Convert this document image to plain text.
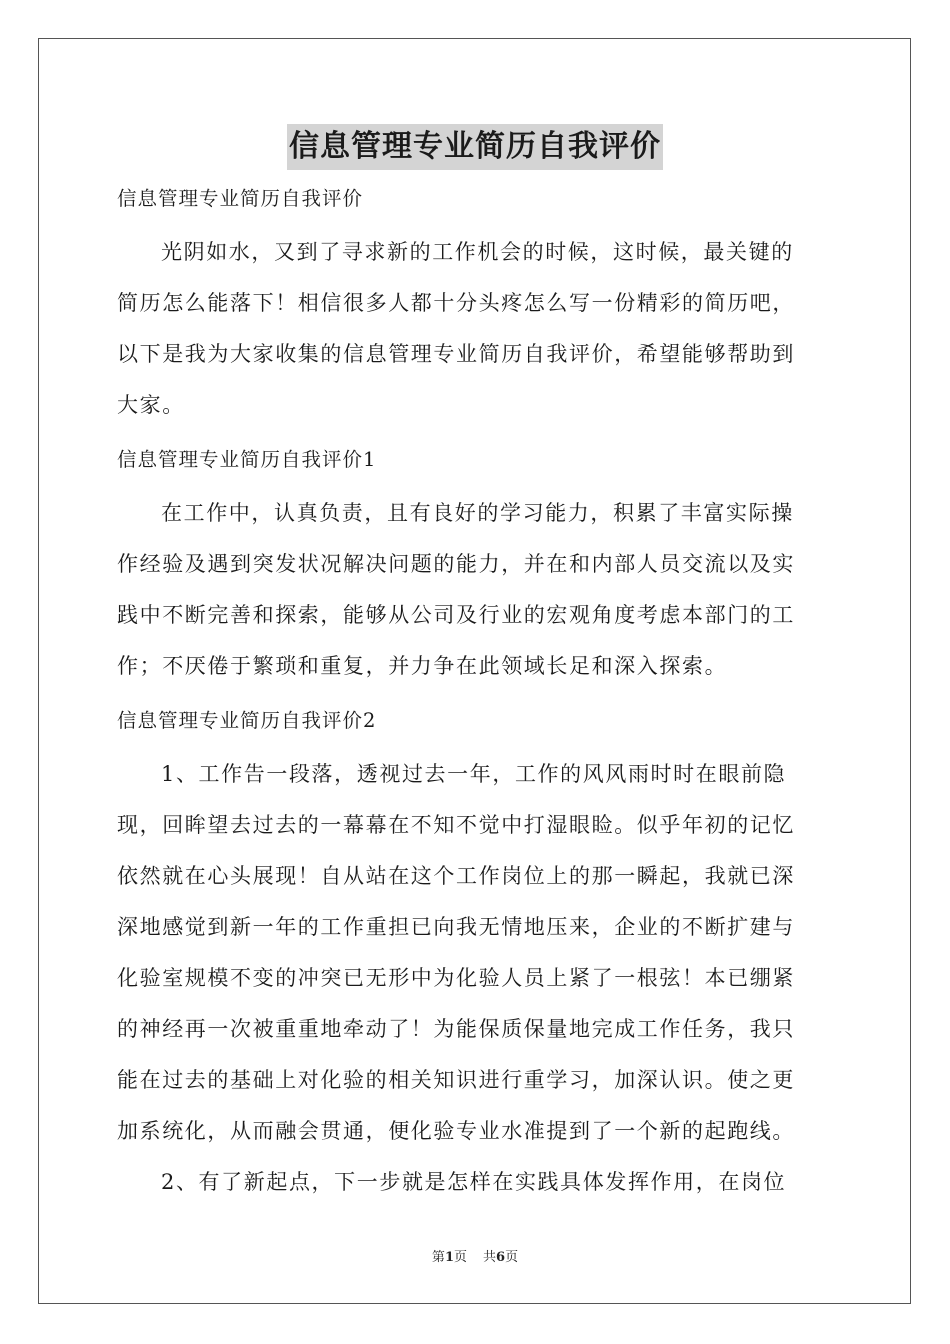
信息管理专业简历自我评价
信息管理专业简历自我评价
光阴如水，又到了寻求新的工作机会的时候，这时候，最关键的
简历怎么能落下！相信很多人都十分头疼怎么写一份精彩的简历吧，
以下是我为大家收集的信息管理专业简历自我评价，希望能够帮助到
大家。
信息管理专业简历自我评价1
在工作中，认真负责，且有良好的学习能力，积累了丰富实际操
作经验及遇到突发状况解决问题的能力，并在和内部人员交流以及实
践中不断完善和探索，能够从公司及行业的宏观角度考虑本部门的工
作；不厌倦于繁琐和重复，并力争在此领域长足和深入探索。
信息管理专业简历自我评价2
1、工作告一段落，透视过去一年，工作的风风雨时时在眼前隐
现，回眸望去过去的一幕幕在不知不觉中打湿眼睑。似乎年初的记忆
依然就在心头展现！自从站在这个工作岗位上的那一瞬起，我就已深
深地感觉到新一年的工作重担已向我无情地压来，企业的不断扩建与
化验室规模不变的冲突已无形中为化验人员上紧了一根弦！本已绷紧
的神经再一次被重重地牵动了！为能保质保量地完成工作任务，我只
能在过去的基础上对化验的相关知识进行重学习，加深认识。使之更
加系统化，从而融会贯通，便化验专业水准提到了一个新的起跑线。
2、有了新起点，下一步就是怎样在实践具体发挥作用，在岗位
第1页 共6页
